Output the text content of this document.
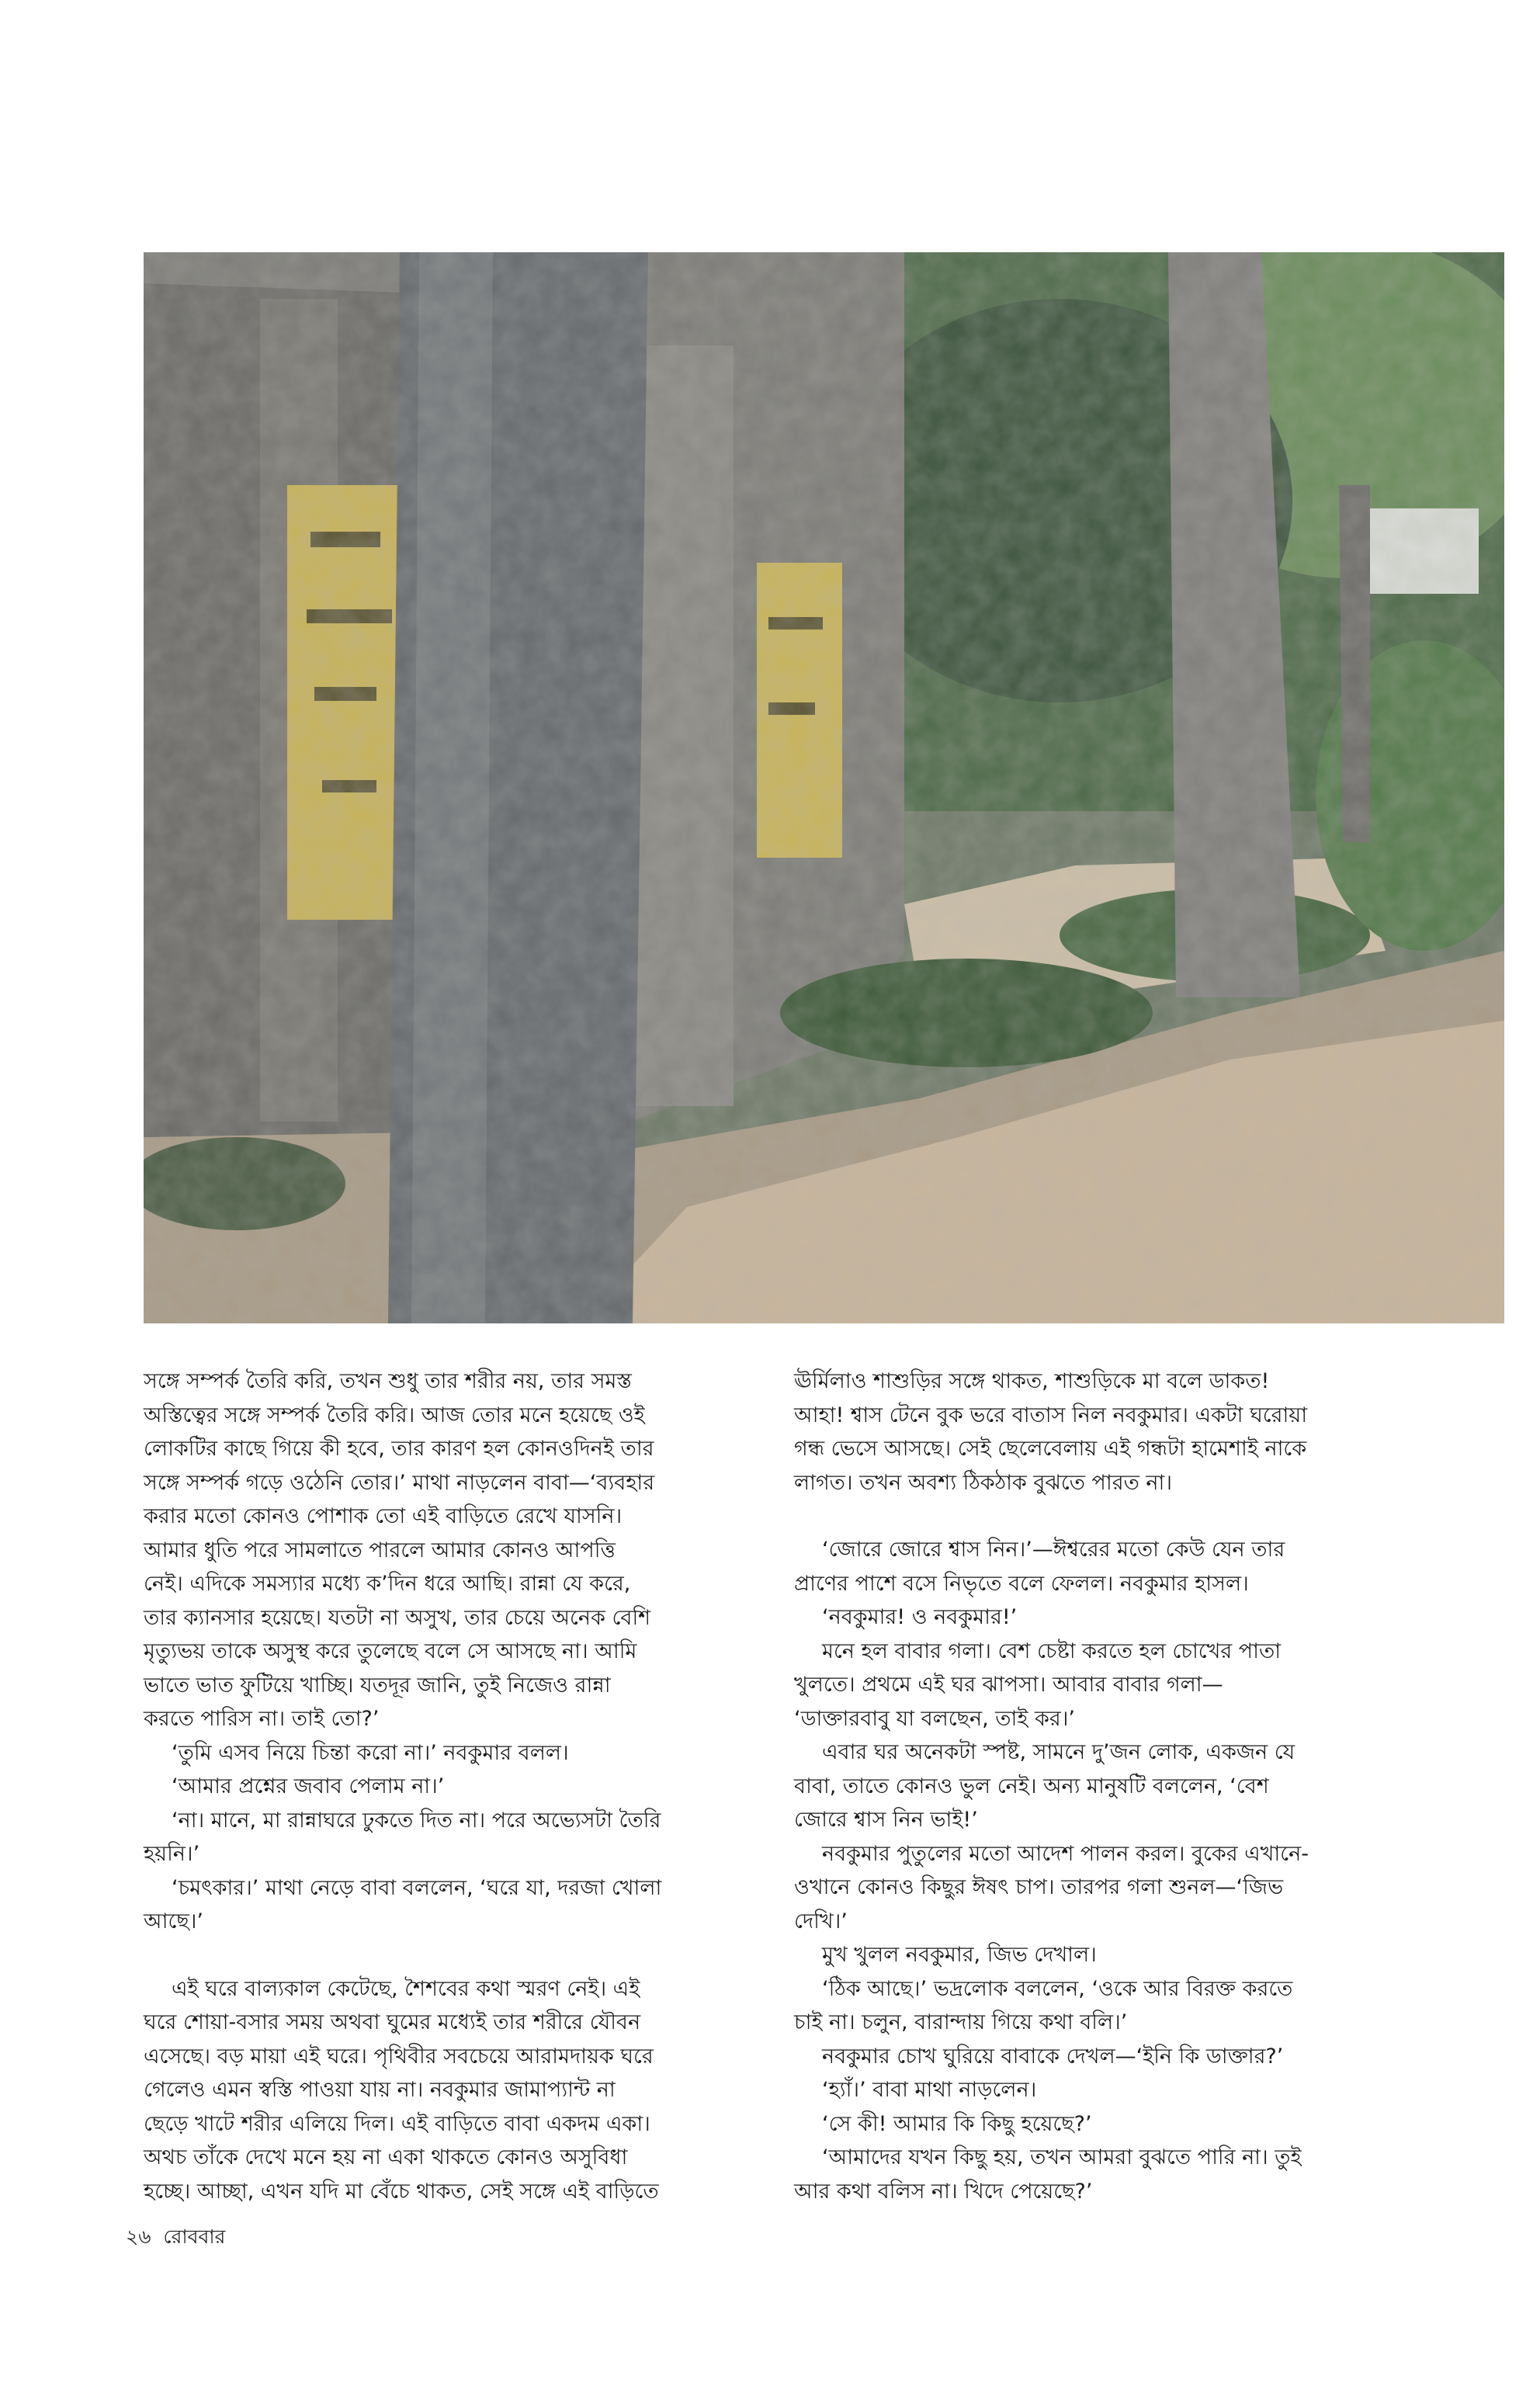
সঙ্গে সম্পর্ক তৈরি করি, তখন শুধু তার শরীর নয়, তার সমস্ত
অস্তিত্বের সঙ্গে সম্পর্ক তৈরি করি। আজ তোর মনে হয়েছে ওই
লোকটির কাছে গিয়ে কী হবে, তার কারণ হল কোনওদিনই তার
সঙ্গে সম্পর্ক গড়ে ওঠেনি তোর।’ মাথা নাড়লেন বাবা—‘ব্যবহার
করার মতো কোনও পোশাক তো এই বাড়িতে রেখে যাসনি।
আমার ধুতি পরে সামলাতে পারলে আমার কোনও আপত্তি
নেই। এদিকে সমস্যার মধ্যে ক’দিন ধরে আছি। রান্না যে করে,
তার ক্যানসার হয়েছে। যতটা না অসুখ, তার চেয়ে অনেক বেশি
মৃত্যুভয় তাকে অসুস্থ করে তুলেছে বলে সে আসছে না। আমি
ভাতে ভাত ফুটিয়ে খাচ্ছি। যতদূর জানি, তুই নিজেও রান্না
করতে পারিস না। তাই তো?’

‘তুমি এসব নিয়ে চিন্তা করো না।’ নবকুমার বলল।

‘আমার প্রশ্নের জবাব পেলাম না।’

‘না। মানে, মা রান্নাঘরে ঢুকতে দিত না। পরে অভ্যেসটা তৈরি
হয়নি।’

‘চমৎকার।’ মাথা নেড়ে বাবা বললেন, ‘ঘরে যা, দরজা খোলা
আছে।’

এই ঘরে বাল্যকাল কেটেছে, শৈশবের কথা স্মরণ নেই। এই
ঘরে শোয়া-বসার সময় অথবা ঘুমের মধ্যেই তার শরীরে যৌবন
এসেছে। বড় মায়া এই ঘরে। পৃথিবীর সবচেয়ে আরামদায়ক ঘরে
গেলেও এমন স্বস্তি পাওয়া যায় না। নবকুমার জামাপ্যান্ট না
ছেড়ে খাটে শরীর এলিয়ে দিল। এই বাড়িতে বাবা একদম একা।
অথচ তাঁকে দেখে মনে হয় না একা থাকতে কোনও অসুবিধা
হচ্ছে। আচ্ছা, এখন যদি মা বেঁচে থাকত, সেই সঙ্গে এই বাড়িতে

ঊর্মিলাও শাশুড়ির সঙ্গে থাকত, শাশুড়িকে মা বলে ডাকত!
আহা! শ্বাস টেনে বুক ভরে বাতাস নিল নবকুমার। একটা ঘরোয়া
গন্ধ ভেসে আসছে। সেই ছেলেবেলায় এই গন্ধটা হামেশাই নাকে
লাগত। তখন অবশ্য ঠিকঠাক বুঝতে পারত না।

‘জোরে জোরে শ্বাস নিন।’—ঈশ্বরের মতো কেউ যেন তার
প্রাণের পাশে বসে নিভৃতে বলে ফেলল। নবকুমার হাসল।

‘নবকুমার! ও নবকুমার!’

মনে হল বাবার গলা। বেশ চেষ্টা করতে হল চোখের পাতা
খুলতে। প্রথমে এই ঘর ঝাপসা। আবার বাবার গলা—
‘ডাক্তারবাবু যা বলছেন, তাই কর।’

এবার ঘর অনেকটা স্পষ্ট, সামনে দু’জন লোক, একজন যে
বাবা, তাতে কোনও ভুল নেই। অন্য মানুষটি বললেন, ‘বেশ
জোরে শ্বাস নিন ভাই!’

নবকুমার পুতুলের মতো আদেশ পালন করল। বুকের এখানে-
ওখানে কোনও কিছুর ঈষৎ চাপ। তারপর গলা শুনল—‘জিভ
দেখি।’

মুখ খুলল নবকুমার, জিভ দেখাল।

‘ঠিক আছে।’ ভদ্রলোক বললেন, ‘ওকে আর বিরক্ত করতে
চাই না। চলুন, বারান্দায় গিয়ে কথা বলি।’

নবকুমার চোখ ঘুরিয়ে বাবাকে দেখল—‘ইনি কি ডাক্তার?’

‘হ্যাঁ।’ বাবা মাথা নাড়লেন।

‘সে কী! আমার কি কিছু হয়েছে?’

‘আমাদের যখন কিছু হয়, তখন আমরা বুঝতে পারি না। তুই
আর কথা বলিস না। খিদে পেয়েছে?’

২৬ রোববার
